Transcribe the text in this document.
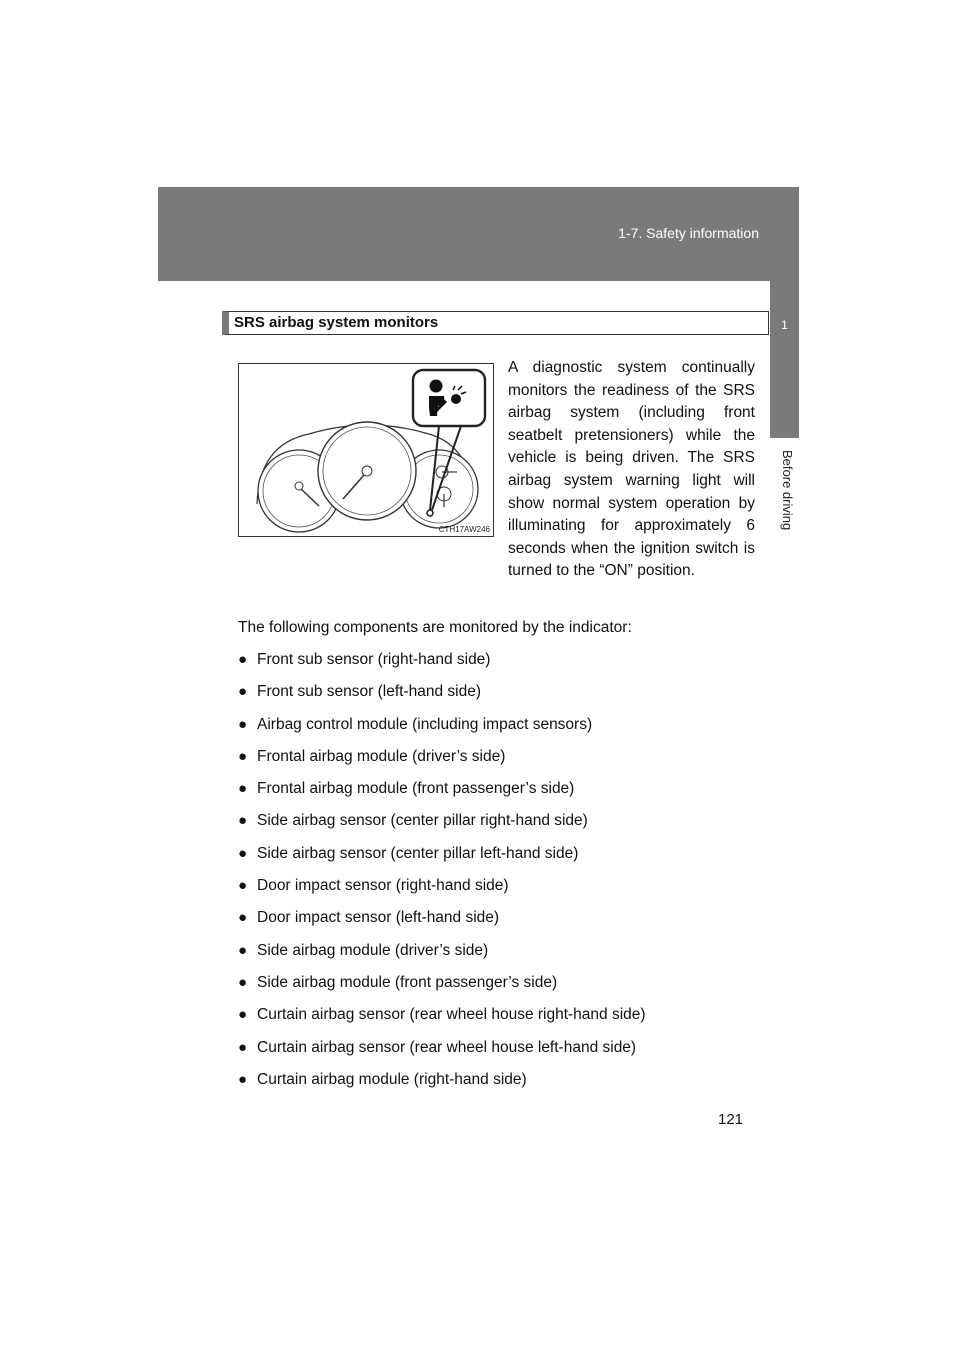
1-7. Safety information
1
Before driving
SRS airbag system monitors
CTH17AW246
A diagnostic system continually monitors the readiness of the SRS airbag system (including front seatbelt pretensioners) while the vehicle is being driven. The SRS airbag system warning light will show normal system operation by illuminating for approximately 6 seconds when the ignition switch is turned to the “ON” position.
The following components are monitored by the indicator:
● Front sub sensor (right-hand side)
● Front sub sensor (left-hand side)
● Airbag control module (including impact sensors)
● Frontal airbag module (driver’s side)
● Frontal airbag module (front passenger’s side)
● Side airbag sensor (center pillar right-hand side)
● Side airbag sensor (center pillar left-hand side)
● Door impact sensor (right-hand side)
● Door impact sensor (left-hand side)
● Side airbag module (driver’s side)
● Side airbag module (front passenger’s side)
● Curtain airbag sensor (rear wheel house right-hand side)
● Curtain airbag sensor (rear wheel house left-hand side)
● Curtain airbag module (right-hand side)
121
